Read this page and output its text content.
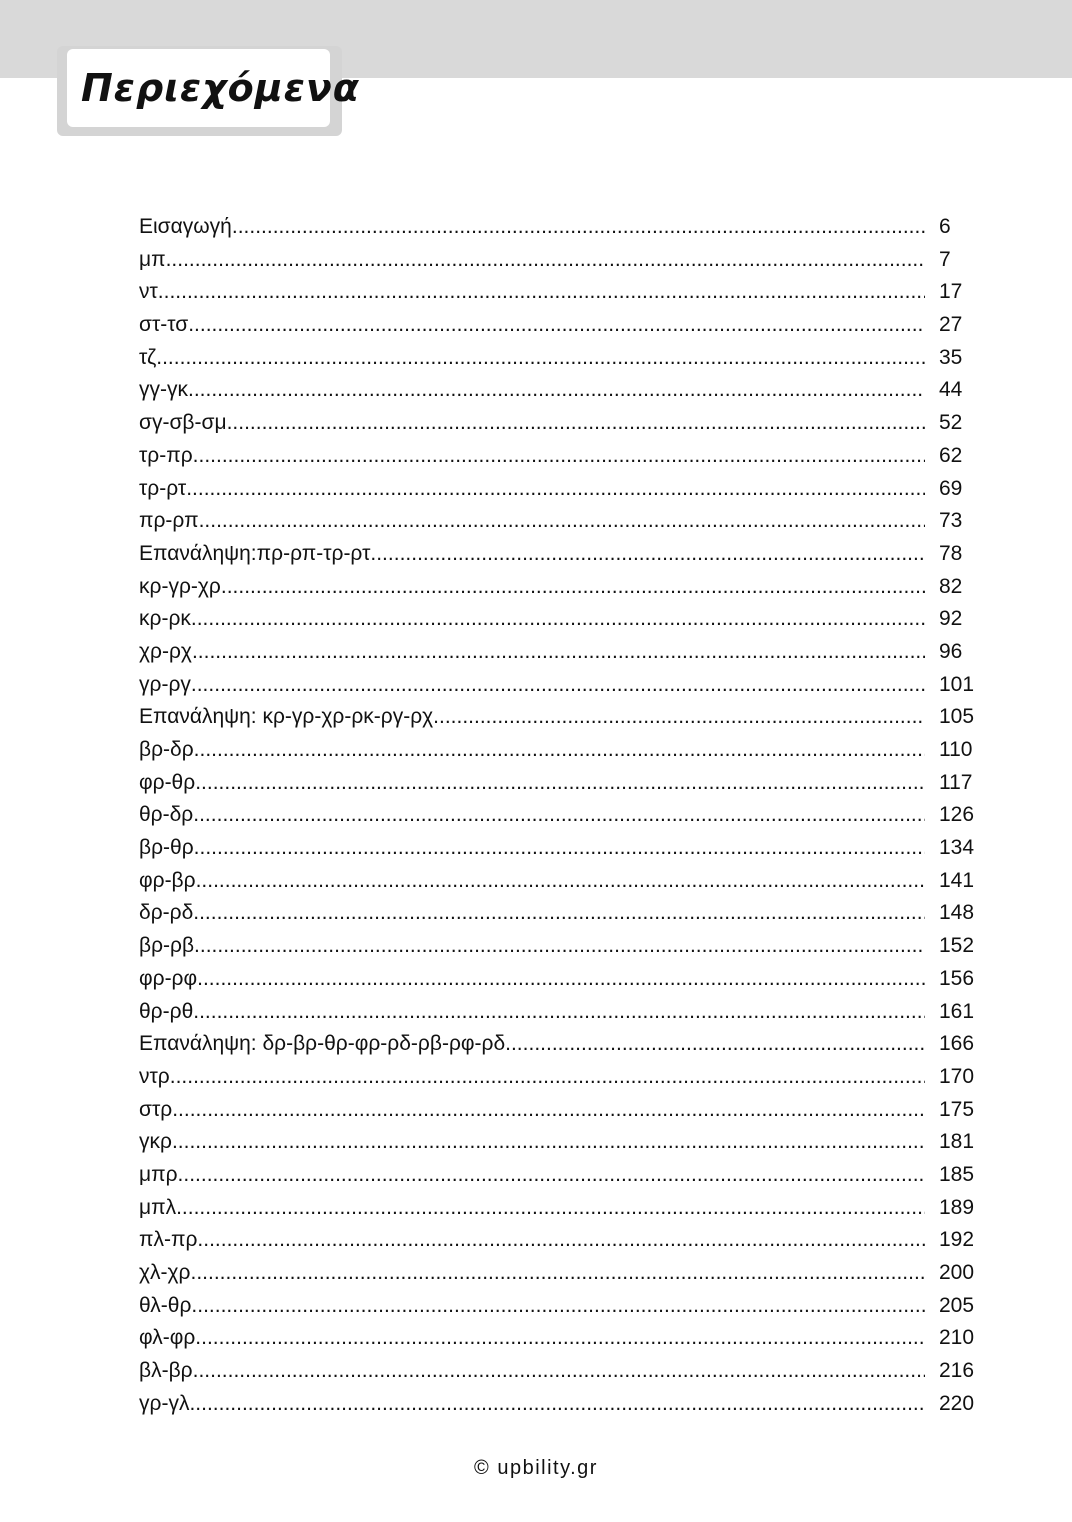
Περιεχόμενα
Εισαγωγή .....	6
μπ .....	7
ντ .....	17
στ-τσ .....	27
τζ .....	35
γγ-γκ .....	44
σγ-σβ-σμ .....	52
τρ-πρ .....	62
τρ-ρτ .....	69
πρ-ρπ .....	73
Επανάληψη:πρ-ρπ-τρ-ρτ .....	78
κρ-γρ-χρ .....	82
κρ-ρκ .....	92
χρ-ρχ .....	96
γρ-ργ .....	101
Επανάληψη: κρ-γρ-χρ-ρκ-ργ-ρχ .....	105
βρ-δρ .....	110
φρ-θρ .....	117
θρ-δρ .....	126
βρ-θρ .....	134
φρ-βρ .....	141
δρ-ρδ .....	148
βρ-ρβ .....	152
φρ-ρφ .....	156
θρ-ρθ .....	161
Επανάληψη: δρ-βρ-θρ-φρ-ρδ-ρβ-ρφ-ρδ .....	166
ντρ .....	170
στρ .....	175
γκρ .....	181
μπρ .....	185
μπλ .....	189
πλ-πρ .....	192
χλ-χρ .....	200
θλ-θρ .....	205
φλ-φρ .....	210
βλ-βρ .....	216
γρ-γλ .....	220
© upbility.gr
